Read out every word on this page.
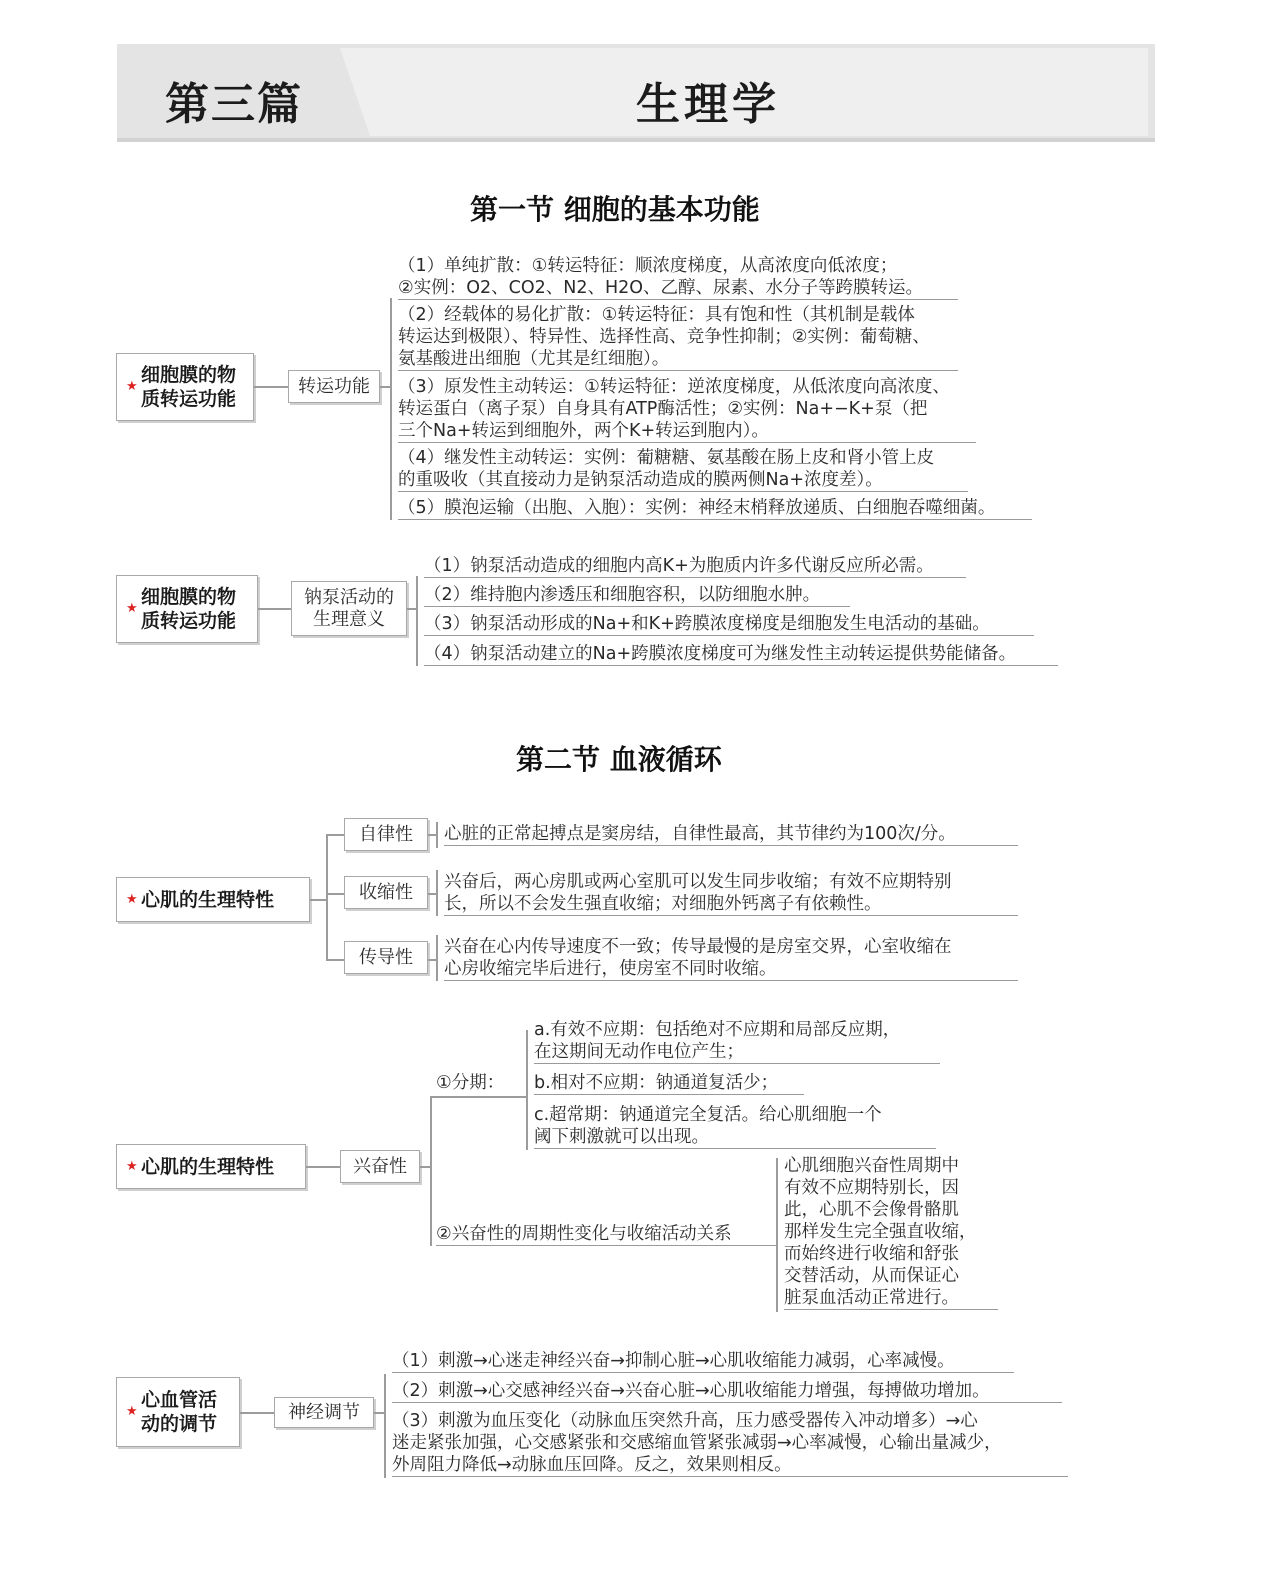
第三篇	生理学
第一节 细胞的基本功能
★
细胞膜的物
质转运功能
转运功能
（1）单纯扩散：①转运特征：顺浓度梯度，从高浓度向低浓度；
②实例：O2、CO2、N2、H2O、乙醇、尿素、水分子等跨膜转运。
（2）经载体的易化扩散：①转运特征：具有饱和性（其机制是载体
转运达到极限）、特异性、选择性高、竞争性抑制；②实例：葡萄糖、
氨基酸进出细胞（尤其是红细胞）。
（3）原发性主动转运：①转运特征：逆浓度梯度，从低浓度向高浓度、
转运蛋白（离子泵）自身具有ATP酶活性；②实例：Na+−K+泵（把
三个Na+转运到细胞外，两个K+转运到胞内）。
（4）继发性主动转运：实例：葡糖糖、氨基酸在肠上皮和肾小管上皮
的重吸收（其直接动力是钠泵活动造成的膜两侧Na+浓度差）。
（5）膜泡运输（出胞、入胞）：实例：神经末梢释放递质、白细胞吞噬细菌。
★
细胞膜的物
质转运功能
钠泵活动的
生理意义
（1）钠泵活动造成的细胞内高K+为胞质内许多代谢反应所必需。
（2）维持胞内渗透压和细胞容积，以防细胞水肿。
（3）钠泵活动形成的Na+和K+跨膜浓度梯度是细胞发生电活动的基础。
（4）钠泵活动建立的Na+跨膜浓度梯度可为继发性主动转运提供势能储备。
第二节 血液循环
★ 心肌的生理特性
自律性
收缩性
传导性
心脏的正常起搏点是窦房结，自律性最高，其节律约为100次/分。
兴奋后，两心房肌或两心室肌可以发生同步收缩；有效不应期特别
长，所以不会发生强直收缩；对细胞外钙离子有依赖性。
兴奋在心内传导速度不一致；传导最慢的是房室交界，心室收缩在
心房收缩完毕后进行，使房室不同时收缩。
★ 心肌的生理特性	兴奋性
①分期：
a.有效不应期：包括绝对不应期和局部反应期，
在这期间无动作电位产生；
b.相对不应期：钠通道复活少；
c.超常期：钠通道完全复活。给心肌细胞一个
阈下刺激就可以出现。
②兴奋性的周期性变化与收缩活动关系
心肌细胞兴奋性周期中
有效不应期特别长，因
此，心肌不会像骨骼肌
那样发生完全强直收缩，
而始终进行收缩和舒张
交替活动，从而保证心
脏泵血活动正常进行。
★
心血管活
动的调节
神经调节
（1）刺激→心迷走神经兴奋→抑制心脏→心肌收缩能力减弱，心率减慢。
（2）刺激→心交感神经兴奋→兴奋心脏→心肌收缩能力增强，每搏做功增加。
（3）刺激为血压变化（动脉血压突然升高，压力感受器传入冲动增多）→心
迷走紧张加强，心交感紧张和交感缩血管紧张减弱→心率减慢，心输出量减少，
外周阻力降低→动脉血压回降。反之，效果则相反。
